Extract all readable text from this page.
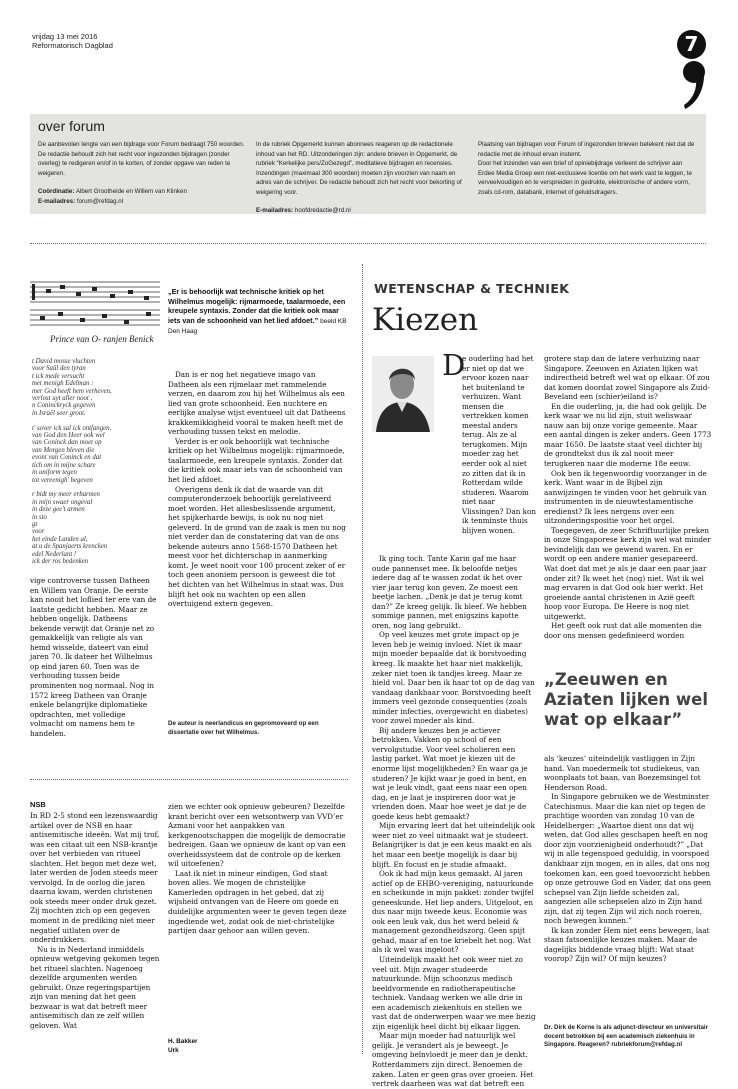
vrijdag 13 mei 2016
Reformatorisch Dagblad	7
over forum

De aanbevolen lengte van een bijdrage voor Forum bedraagt 750 woorden. De redactie behoudt zich het recht voor ingezonden bijdragen (zonder overleg) te redigeren en/of in te korten, of zonder opgave van reden te weigeren.

Coördinatie: Albert Grootheide en Willem van Klinken

E-mailadres: forum@refdag.nl

In de rubriek Opgemerkt kunnen abonnees reageren op de redactionele inhoud van het RD. Uitzonderingen zijn: andere brieven in Opgemerkt, de rubriek “Kerkelijke pers/ZoGezegd”, meditatieve bijdragen en recensies. Inzendingen (maximaal 300 woorden) moeten zijn voorzien van naam en adres van de schrijver. De redactie behoudt zich het recht voor bekorting of weigering voor.

E-mailadres: hoofdredactie@rd.nl

Plaatsing van bijdragen voor Forum of ingezonden brieven betekent niet dat de redactie met de inhoud ervan instemt.

Door het inzenden van een brief of opiniebijdrage verleent de schrijver aan Erdee Media Groep een niet-exclusieve licentie om het werk vast te leggen, te verveelvoudigen en te verspreiden in gedrukte, elektronische of andere vorm, zoals cd-rom, databank, internet of geluidsdragers.

Prince van O- ranjen Benick
t David mosse vluchten
voor Saül den tyran
t ick mede versucht
met menigh Edelman :
mer God heeft hem verheven,
verlost uyt aller noot ,
n Coninckryck gegeven
in Israël seer groot.

t' sover ick sal ick ontfangen,
van God den Heer ook wel
van Coninck dan moet op
van Morgen bleven die
evont van Coninck en dat
tich om in mijne schare
in uniform tegen
tot vereenigh' begeven

r bidt my meer erbarmen
in mijn swaer ongeval
in deze gee't armen
in sto
gt
voor
het einde Landen al,
at u de Spanjaerts krencken
edel Nederlant !
ick der ros bedenken
„Er is behoorlijk wat technische kritiek op het Wilhelmus mogelijk: rijmarmoede, taalarmoede, een kreupele syntaxis. Zonder dat die kritiek ook maar iets van de schoonheid van het lied afdoet.” beeld KB Den Haag

vige controverse tussen Datheen en Willem van Oranje. De eerste kan nooit het loflied ter ere van de laatste gedicht hebben. Maar ze hebben ongelijk. Datheens bekende verwijt dat Oranje net zo gemakkelijk van religie als van hemd wisselde, dateert van eind jaren 70. Ik dateer het Wilhelmus op eind jaren 60. Toen was de verhouding tussen beide prominenten nog normaal. Nog in 1572 kreeg Datheen van Oranje enkele belangrijke diplomatieke opdrachten, met volledige volmacht om namens hem te handelen.

Dan is er nog het negatieve imago van Datheen als een rijmelaar met rammelende verzen, en daarom zou hij het Wilhelmus als een lied van grote schoonheid. Een nuchtere en eerlijke analyse wijst eventueel uit dat Datheens krakkemikkigheid vooral te maken heeft met de verhouding tussen tekst en melodie.

Verder is er ook behoorlijk wat technische kritiek op het Wilhelmus mogelijk: rijmarmoede, taalarmoede, een kreupele syntaxis. Zonder dat die kritiek ook maar iets van de schoonheid van het lied afdoet.

Overigens denk ik dat de waarde van dit computeronderzoek behoorlijk gerelativeerd moet worden. Het allesbeslissende argument, het spijkerharde bewijs, is ook nu nog niet geleverd. In de grond van de zaak is men nu nog niet verder dan de constatering dat van de ons bekende auteurs anno 1568-1570 Datheen het meest voor het dichterschap in aanmerking komt. Je weet nooit voor 100 procent zeker of er toch geen anoniem persoon is geweest die tot het dichten van het Wilhelmus in staat was. Dus blijft het ook nu wachten op een allen overtuigend extern gegeven.

De auteur is neerlandicus en gepromoveerd op een dissertatie over het Wilhelmus.
NSB

In RD 2-5 stond een lezenswaardig artikel over de NSB en haar antisemitische ideeën. Wat mij trof, was een citaat uit een NSB-krantje over het verbieden van ritueel slachten. Het begon met deze wet, later werden de Joden steeds meer vervolgd. In de oorlog die jaren daarna kwam, werden christenen ook steeds meer onder druk gezet. Zij mochten zich op een gegeven moment in de prediking niet meer negatief uitlaten over de onderdrukkers.

Nu is in Nederland inmiddels opnieuw wetgeving gekomen tegen het ritueel slachten. Nagenoeg dezelfde argumenten werden gebruikt. Onze regeringspartijen zijn van mening dat het geen bezwaar is wat dat betreft meer antisemitisch dan ze zelf willen geloven. Wat

zien we echter ook opnieuw gebeuren? Dezelfde krant bericht over een wetsontwerp van VVD’er Azmani voor het aanpakken van kerkgenootschappen die mogelijk de democratie bedreigen. Gaan we opnieuw de kant op van een overheidssysteem dat de controle op de kerken wil uitoefenen?

Laat ik niet in mineur eindigen, God staat boven alles. We mogen de christelijke Kamerleden opdragen in het gebed, dat zij wijsheid ontvangen van de Heere om goede en duidelijke argumenten weer te geven tegen deze ingediende wet, zodat ook de niet-christelijke partijen daar gehoor aan willen geven.

H. Bakker
Urk
WETENSCHAP & TECHNIEK
Kiezen
D

e ouderling had het er niet op dat we ervoor kozen naar het buitenland te verhuizen. Want mensen die vertrekken komen meestal anders terug. Als ze al terugkomen. Mijn moeder zag het eerder ook al niet zo zitten dat ik in Rotterdam wilde studeren. Waarom niet naar Vlissingen? Dan kon ik tenminste thuis blijven wonen.

Ik ging toch. Tante Karin gaf me haar oude pannenset mee. Ik beloofde netjes iedere dag af te wassen zodat ik het over vier jaar terug kon geven. Ze moest een beetje lachen. „Denk je dat je terug komt dan?” Ze kreeg gelijk. Ik bleef. We hebben sommige pannen, met enigszins kapotte oren, nog lang gebruikt.

Op veel keuzes met grote impact op je leven heb je weinig invloed. Niet ik maar mijn moeder bepaalde dat ik borstvoeding kreeg. Ik maakte het haar niet makkelijk, zeker niet toen ik tandjes kreeg. Maar ze hield vol. Daar ben ik haar tot op de dag van vandaag dankbaar voor. Borstvoeding heeft immers veel gezonde consequenties (zoals minder infecties, overgewicht en diabetes) voor zowel moeder als kind.

Bij andere keuzes ben je actiever betrokken. Vakken op school of een vervolgstudie. Voor veel scholieren een lastig parket. Wat moet je kiezen uit de enorme lijst mogelijkheden? En waar ga je studeren? Je kijkt waar je goed in bent, en wat je leuk vindt, gaat eens naar een open dag, en je laat je inspireren door wat je vrienden doen. Maar hoe weet je dat je de goede keus hebt gemaakt?

Mijn ervaring leert dat het uiteindelijk ook weer niet zo veel uitmaakt wat je studeert. Belangrijker is dat je een keus maakt en als het maar een beetje mogelijk is daar bij blijft. En focust en je studie afmaakt.

Ook ik had mijn keus gemaakt. Al jaren actief op de EHBO-vereniging, natuurkunde en scheikunde in mijn pakket: zonder twijfel geneeskunde. Het liep anders. Uitgeloot, en dus naar mijn tweede keus. Economie was ook een leuk vak, dus het werd beleid & management gezondheidszorg. Geen spijt gehad, maar af en toe kriebelt het nog. Wat als ik wel was ingeloot?

Uiteindelijk maakt het ook weer niet zo veel uit. Mijn zwager studeerde natuurkunde. Mijn schoonzus medisch beeldvormende en radiotherapeutische techniek. Vandaag werken we alle drie in een academisch ziekenhuis en stellen we vast dat de onderwerpen waar we mee bezig zijn eigenlijk heel dicht bij elkaar liggen.

Maar mijn moeder had natuurlijk wel gelijk. Je verandert als je beweegt. Je omgeving beïnvloedt je meer dan je denkt. Rotterdammers zijn direct. Benoemen de zaken. Laten er geen gras over groeien. Het vertrek daarheen was wat dat betreft een

grotere stap dan de latere verhuizing naar Singapore. Zeeuwen en Aziaten lijken wat indirectheid betreft wel wat op elkaar. Of zou dat komen doordat zowel Singapore als Zuid-Beveland een (schier)eiland is?

En die ouderling, ja, die had ook gelijk. De kerk waar we nu lid zijn, stuit weliswaar nauw aan bij onze vorige gemeente. Maar een aantal dingen is zeker anders. Geen 1773 maar 1650. De laatste staat veel dichter bij de grondtekst dus ik zal nooit meer terugkeren naar die moderne 18e eeuw.

Ook ben ik tegenwoordig voorzanger in de kerk. Want waar in de Bijbel zijn aanwijzingen te vinden voor het gebruik van instrumenten in de nieuwtestamentische eredienst? Ik lees nergens over een uitzonderingspositie voor het orgel.

Toegegeven, de zeer Schriftuurlijke preken in onze Singaporese kerk zijn wel wat minder bevindelijk dan we gewend waren. En er wordt op een andere manier gesepareerd. Wat doet dat met je als je daar een paar jaar onder zit? Ik weet het (nog) niet. Wat ik wel mag ervaren is dat God ook hier werkt. Het groeiende aantal christenen in Azië geeft hoop voor Europa. De Heere is nog niet uitgewerkt.

Het geeft ook rust dat alle momenten die door ons mensen gedefinieerd worden

„Zeeuwen en Aziaten lijken wel wat op elkaar”

als ‘keuzes’ uiteindelijk vastliggen in Zijn hand. Van moedermelk tot studiekeus, van woonplaats tot baan, van Boezemsingel tot Henderson Road.

In Singapore gebruiken we de Westminster Catechismus. Maar die kan niet op tegen de prachtige woorden van zondag 10 van de Heidelberger: „Waartoe dient ons dat wij weten, dat God alles geschapen heeft en nog door zijn voorzienigheid onderhoudt?” „Dat wij in alle tegenspoed geduldig, in voorspoed dankbaar zijn mogen, en in alles, dat ons nog toekomen kan, een goed toevoorzicht hebben op onze getrouwe God en Vader, dat ons geen schepsel van Zijn liefde scheiden zal, aangezien alle schepselen alzo in Zijn hand zijn, dat zij tegen Zijn wil zich noch roeren, noch bewegen kunnen.”

Ik kan zonder Hem niet eens bewegen, laat staan fatsoenlijke keuzes maken. Maar de dagelijks biddende vraag blijft: Wat staat voorop? Zijn wil? Of mijn keuzes?

Dr. Dirk de Korne is als adjunct-directeur en universitair docent betrokken bij een academisch ziekenhuis in Singapore. Reageren? rubriekforum@refdag.nl
